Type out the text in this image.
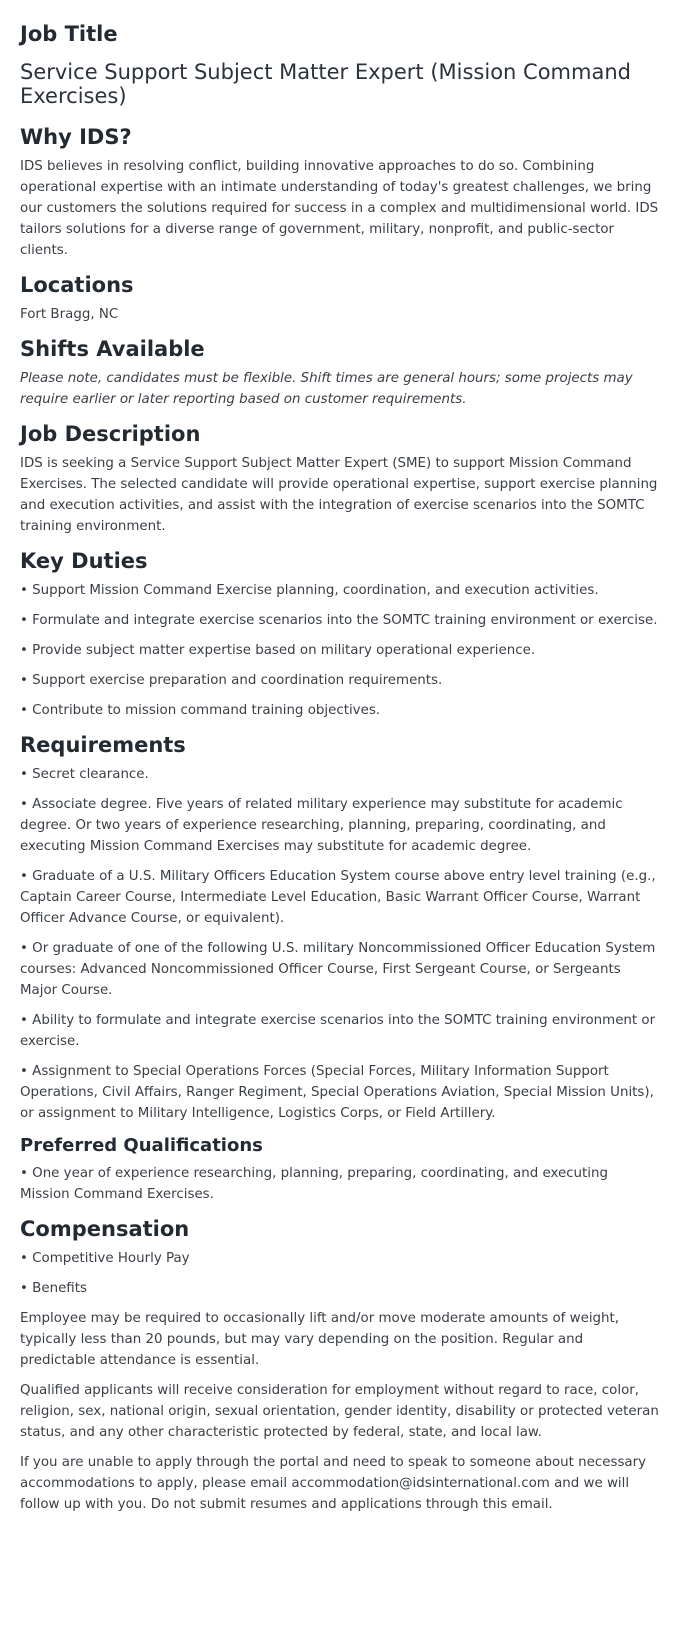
Job Title
Service Support Subject Matter Expert (Mission Command Exercises)
Why IDS?

IDS believes in resolving conflict, building innovative approaches to do so. Combining operational expertise with an intimate understanding of today's greatest challenges, we bring our customers the solutions required for success in a complex and multidimensional world. IDS tailors solutions for a diverse range of government, military, nonprofit, and public-sector clients.

Locations

Fort Bragg, NC

Shifts Available

Please note, candidates must be flexible. Shift times are general hours; some projects may require earlier or later reporting based on customer requirements.

Job Description

IDS is seeking a Service Support Subject Matter Expert (SME) to support Mission Command Exercises. The selected candidate will provide operational expertise, support exercise planning and execution activities, and assist with the integration of exercise scenarios into the SOMTC training environment.

Key Duties
• Support Mission Command Exercise planning, coordination, and execution activities.
• Formulate and integrate exercise scenarios into the SOMTC training environment or exercise.
• Provide subject matter expertise based on military operational experience.
• Support exercise preparation and coordination requirements.
• Contribute to mission command training objectives.
Requirements
• Secret clearance.
• Associate degree. Five years of related military experience may substitute for academic degree. Or two years of experience researching, planning, preparing, coordinating, and executing Mission Command Exercises may substitute for academic degree.
• Graduate of a U.S. Military Officers Education System course above entry level training (e.g., Captain Career Course, Intermediate Level Education, Basic Warrant Officer Course, Warrant Officer Advance Course, or equivalent).
• Or graduate of one of the following U.S. military Noncommissioned Officer Education System courses: Advanced Noncommissioned Officer Course, First Sergeant Course, or Sergeants Major Course.
• Ability to formulate and integrate exercise scenarios into the SOMTC training environment or exercise.
• Assignment to Special Operations Forces (Special Forces, Military Information Support Operations, Civil Affairs, Ranger Regiment, Special Operations Aviation, Special Mission Units), or assignment to Military Intelligence, Logistics Corps, or Field Artillery.
Preferred Qualifications
• One year of experience researching, planning, preparing, coordinating, and executing Mission Command Exercises.
Compensation
• Competitive Hourly Pay
• Benefits

Employee may be required to occasionally lift and/or move moderate amounts of weight, typically less than 20 pounds, but may vary depending on the position. Regular and predictable attendance is essential.

Qualified applicants will receive consideration for employment without regard to race, color, religion, sex, national origin, sexual orientation, gender identity, disability or protected veteran status, and any other characteristic protected by federal, state, and local law.

If you are unable to apply through the portal and need to speak to someone about necessary accommodations to apply, please email accommodation@idsinternational.com and we will follow up with you. Do not submit resumes and applications through this email.
